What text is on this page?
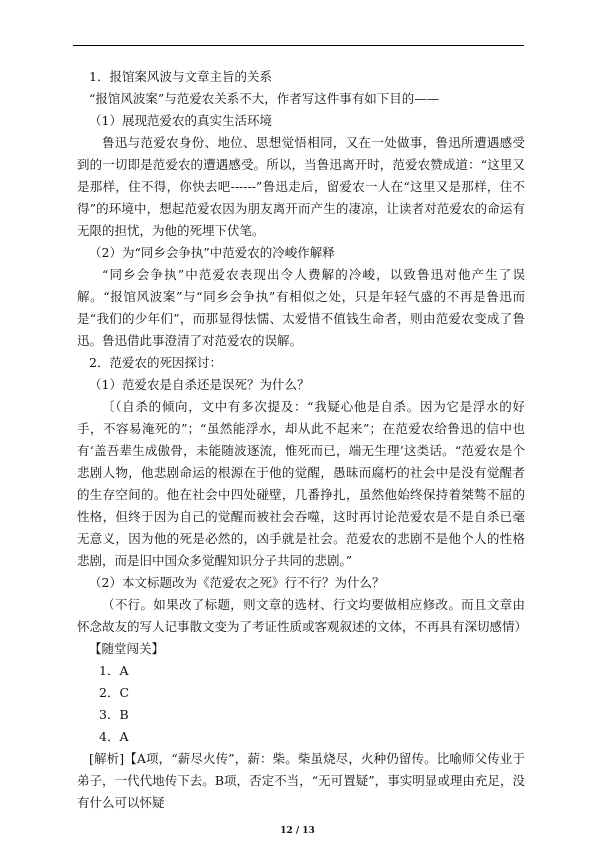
1．报馆案风波与文章主旨的关系

“报馆风波案”与范爱农关系不大，作者写这件事有如下目的——

（1）展现范爱农的真实生活环境

鲁迅与范爱农身份、地位、思想觉悟相同，又在一处做事，鲁迅所遭遇感受到的一切即是范爱农的遭遇感受。所以，当鲁迅离开时，范爱农赞成道：“这里又是那样，住不得，你快去吧------”鲁迅走后，留爱农一人在“这里又是那样，住不得”的环境中，想起范爱农因为朋友离开而产生的凄凉，让读者对范爱农的命运有无限的担忧，为他的死埋下伏笔。

（2）为“同乡会争执”中范爱农的冷峻作解释

“同乡会争执”中范爱农表现出令人费解的冷峻，以致鲁迅对他产生了误解。“报馆风波案”与“同乡会争执”有相似之处，只是年轻气盛的不再是鲁迅而是“我们的少年们”，而那显得怯懦、太爱惜不值钱生命者，则由范爱农变成了鲁迅。鲁迅借此事澄清了对范爱农的误解。

2．范爱农的死因探讨：

（1）范爱农是自杀还是误死？为什么？

〔（自杀的倾向，文中有多次提及：“我疑心他是自杀。因为它是浮水的好手，不容易淹死的”；“虽然能浮水，却从此不起来”；在范爱农给鲁迅的信中也有‘盖吾辈生成傲骨，未能随波逐流，惟死而已，端无生理’这类话。“范爱农是个悲剧人物，他悲剧命运的根源在于他的觉醒，愚昧而腐朽的社会中是没有觉醒者的生存空间的。他在社会中四处碰壁，几番挣扎，虽然他始终保持着桀骜不屈的性格，但终于因为自己的觉醒而被社会吞噬，这时再讨论范爱农是不是自杀已毫无意义，因为他的死是必然的，凶手就是社会。范爱农的悲剧不是他个人的性格悲剧，而是旧中国众多觉醒知识分子共同的悲剧。”

（2）本文标题改为《范爱农之死》行不行？为什么？

（不行。如果改了标题，则文章的选材、行文均要做相应修改。而且文章由怀念故友的写人记事散文变为了考证性质或客观叙述的文体，不再具有深切感情）

【随堂闯关】

1．A

2．C

3．B

4．A

[解析]【A项，“薪尽火传”，薪：柴。柴虽烧尽，火种仍留传。比喻师父传业于弟子，一代代地传下去。B项，否定不当，“无可置疑”，事实明显或理由充足，没有什么可以怀疑

12 / 13
